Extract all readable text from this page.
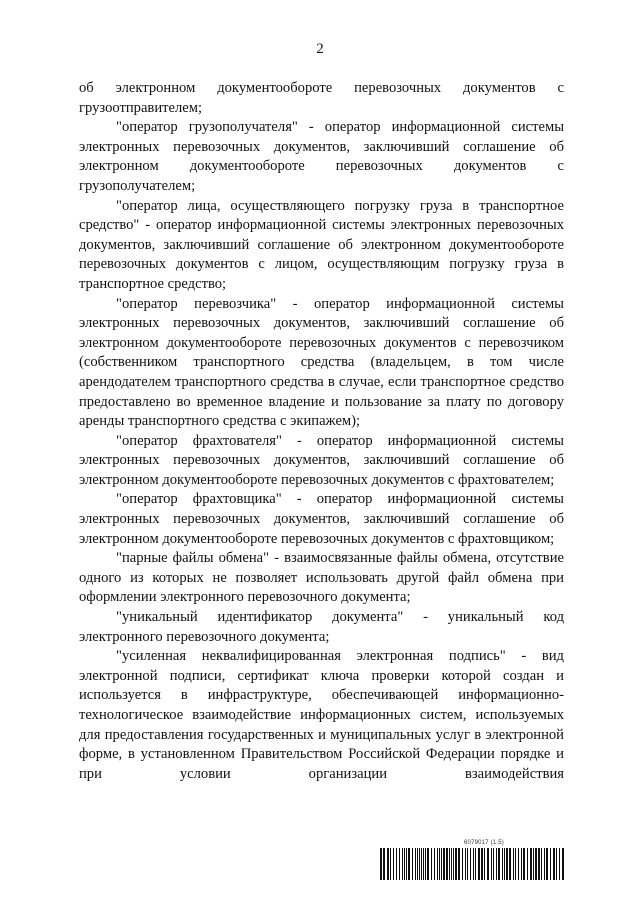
2

об электронном документообороте перевозочных документов с грузоотправителем;

"оператор грузополучателя" - оператор информационной системы электронных перевозочных документов, заключивший соглашение об электронном документообороте перевозочных документов с грузополучателем;

"оператор лица, осуществляющего погрузку груза в транспортное средство" - оператор информационной системы электронных перевозочных документов, заключивший соглашение об электронном документообороте перевозочных документов с лицом, осуществляющим погрузку груза в транспортное средство;

"оператор перевозчика" - оператор информационной системы электронных перевозочных документов, заключивший соглашение об электронном документообороте перевозочных документов с перевозчиком (собственником транспортного средства (владельцем, в том числе арендодателем транспортного средства в случае, если транспортное средство предоставлено во временное владение и пользование за плату по договору аренды транспортного средства с экипажем);

"оператор фрахтователя" - оператор информационной системы электронных перевозочных документов, заключивший соглашение об электронном документообороте перевозочных документов с фрахтователем;

"оператор фрахтовщика" - оператор информационной системы электронных перевозочных документов, заключивший соглашение об электронном документообороте перевозочных документов с фрахтовщиком;

"парные файлы обмена" - взаимосвязанные файлы обмена, отсутствие одного из которых не позволяет использовать другой файл обмена при оформлении электронного перевозочного документа;

"уникальный идентификатор документа" - уникальный код электронного перевозочного документа;

"усиленная неквалифицированная электронная подпись" - вид электронной подписи, сертификат ключа проверки которой создан и используется в инфраструктуре, обеспечивающей информационно-технологическое взаимодействие информационных систем, используемых для предоставления государственных и муниципальных услуг в электронной форме, в установленном Правительством Российской Федерации порядке и при условии организации взаимодействия

6079017 (1.5)
